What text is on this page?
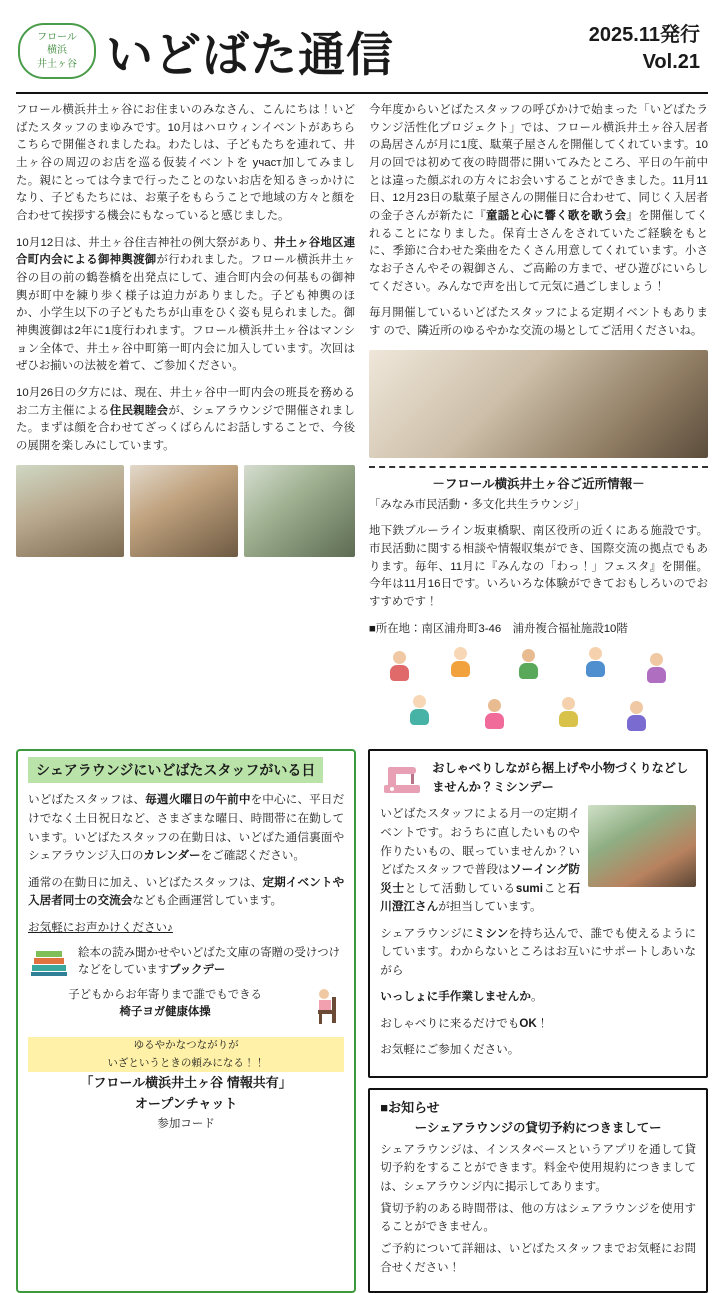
フロール
横浜
井土ヶ谷 いどばた通信	2025.11発行
Vol.21

フロール横浜井土ヶ谷にお住まいのみなさん、こんにちは！いどばたスタッフのまゆみです。10月はハロウィンイベントがあちらこちらで開催されましたね。わたしは、子どもたちを連れて、井土ヶ谷の周辺のお店を巡る仮装イベントを участ加してみました。親にとっては今まで行ったことのないお店を知るきっかけになり、子どもたちには、お菓子をもらうことで地域の方々と顔を合わせて挨拶する機会にもなっていると感じました。

10月12日は、井土ヶ谷住吉神社の例大祭があり、井土ヶ谷地区連合町内会による御神輿渡御が行われました。フロール横浜井土ヶ谷の目の前の鶴巻橋を出発点にして、連合町内会の何基もの御神輿が町中を練り歩く様子は迫力がありました。子ども神輿のほか、小学生以下の子どもたちが山車をひく姿も見られました。御神輿渡御は2年に1度行われます。フロール横浜井土ヶ谷はマンション全体で、井土ヶ谷中町第一町内会に加入しています。次回はぜひお揃いの法被を着て、ご参加ください。

10月26日の夕方には、現在、井土ヶ谷中一町内会の班長を務めるお二方主催による住民親睦会が、シェアラウンジで開催されました。まずは顔を合わせてざっくばらんにお話しすることで、今後の展開を楽しみにしています。

今年度からいどばたスタッフの呼びかけで始まった「いどばたラウンジ活性化プロジェクト」では、フロール横浜井土ヶ谷入居者の島居さんが月に1度、駄菓子屋さんを開催してくれています。10月の回では初めて夜の時間帯に開いてみたところ、平日の午前中とは違った顔ぶれの方々にお会いすることができました。11月11日、12月23日の駄菓子屋さんの開催日に合わせて、同じく入居者の金子さんが新たに『童謡と心に響く歌を歌う会』を開催してくれることになりました。保育士さんをされていたご経験をもとに、季節に合わせた楽曲をたくさん用意してくれています。小さなお子さんやその親御さん、ご高齢の方まで、ぜひ遊びにいらしてください。みんなで声を出して元気に過ごしましょう！

毎月開催しているいどばたスタッフによる定期イベントもあります ので、隣近所のゆるやかな交流の場としてご活用くださいね。

－フロール横浜井土ヶ谷ご近所情報－

「みなみ市民活動・多文化共生ラウンジ」

地下鉄ブルーライン坂東橋駅、南区役所の近くにある施設です。市民活動に関する相談や情報収集ができ、国際交流の拠点でもあります。毎年、11月に『みんなの「わっ！」フェスタ』を開催。今年は11月16日です。いろいろな体験ができておもしろいのでおすすめです！

■所在地：南区浦舟町3-46　浦舟複合福祉施設10階

シェアラウンジにいどばたスタッフがいる日

いどばたスタッフは、毎週火曜日の午前中を中心に、平日だけでなく土日祝日など、さまざまな曜日、時間帯に在勤しています。いどばたスタッフの在勤日は、いどばた通信裏面やシェアラウンジ入口のカレンダーをご確認ください。

通常の在勤日に加え、いどばたスタッフは、定期イベントや入居者同士の交流会なども企画運営しています。

お気軽にお声かけください♪

絵本の読み聞かせやいどばた文庫の寄贈の受けつけなどをしていますブックデー
子どもからお年寄りまで誰でもできる
椅子ヨガ健康体操
ゆるやかなつながりが
いざというときの頼みになる！！
「フロール横浜井土ヶ谷 情報共有」
オープンチャット
参加コード
おしゃべりしながら裾上げや小物づくりなどしませんか？ミシンデー

いどばたスタッフによる月一の定期イベントです。おうちに直したいものや作りたいもの、眠っていませんか？いどばたスタッフで普段はソーイング防災士として活動しているsumiこと石川澄江さんが担当しています。

シェアラウンジにミシンを持ち込んで、誰でも使えるようにしています。わからないところはお互いにサポートしあいながら

いっしょに手作業しませんか。

おしゃべりに来るだけでもOK！

お気軽にご参加ください。

■お知らせ
ーシェアラウンジの貸切予約につきましてー

シェアラウンジは、インスタベースというアプリを通して貸切予約をすることができます。料金や使用規約につきましては、シェアラウンジ内に掲示してあります。

貸切予約のある時間帯は、他の方はシェアラウンジを使用することができません。

ご予約について詳細は、いどばたスタッフまでお気軽にお問合せください！
